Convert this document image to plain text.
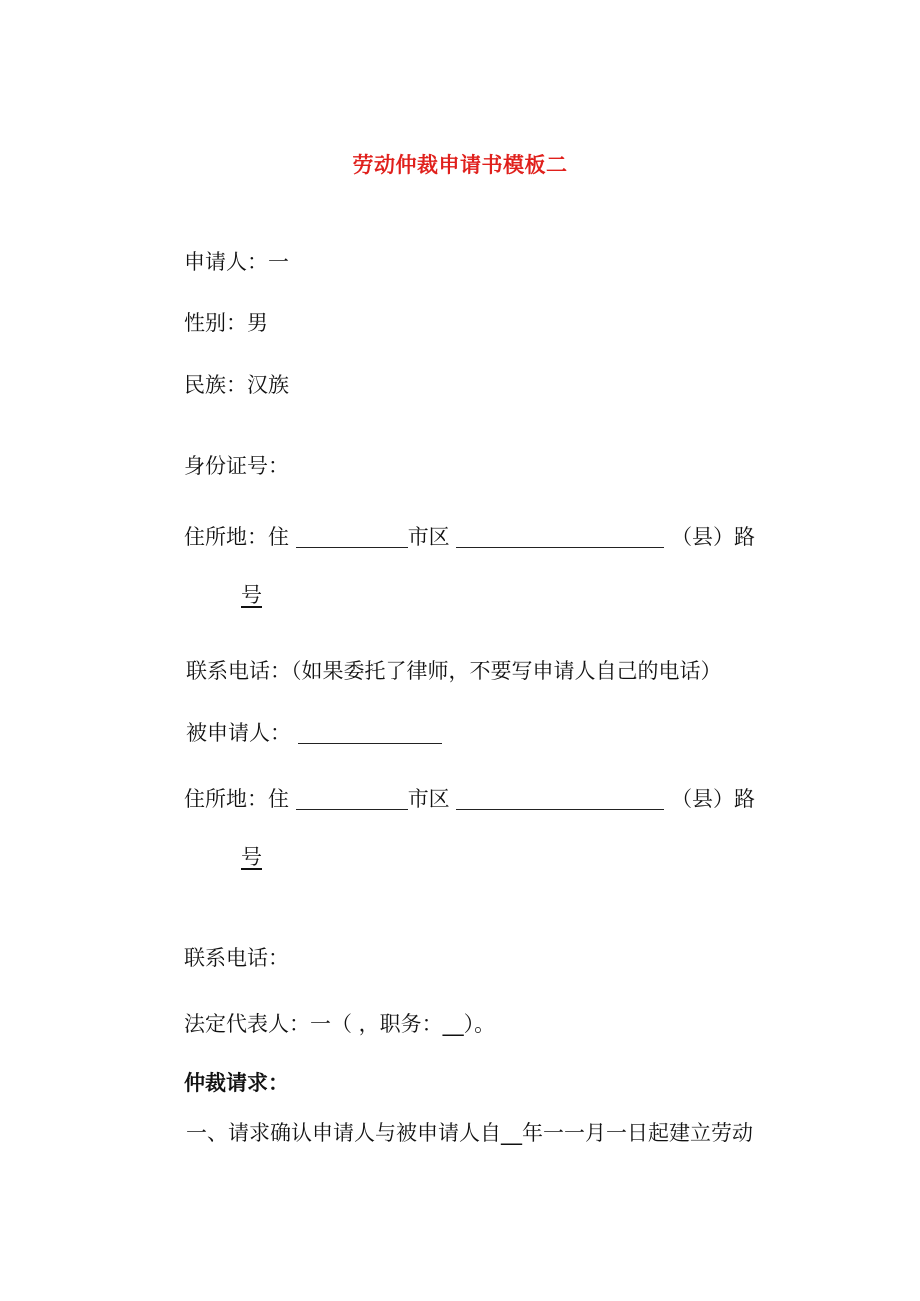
劳动仲裁申请书模板二
申请人：一
性别：男
民族：汉族
身份证号：
住所地：住	市区	（县）路
号
联系电话：（如果委托了律师，不要写申请人自己的电话）
被申请人：
住所地：住	市区	（县）路
号
联系电话：
法定代表人：一（ ，职务：__）。
仲裁请求：
一、请求确认申请人与被申请人自__年一一月一日起建立劳动
